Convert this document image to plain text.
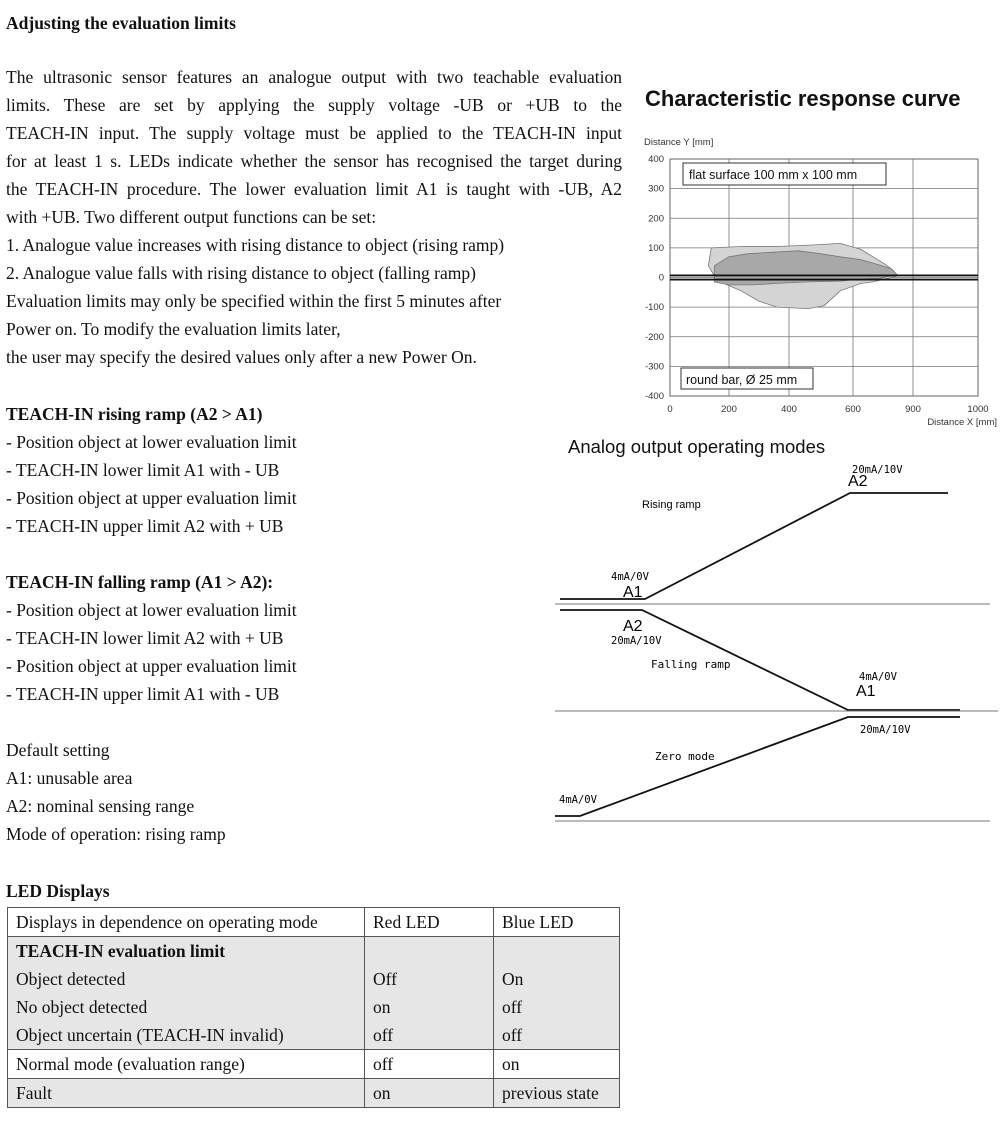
Adjusting the evaluation limits
The ultrasonic sensor features an analogue output with two teachable evaluation
limits. These are set by applying the supply voltage -UB or +UB to the
TEACH-IN input. The supply voltage must be applied to the TEACH-IN input
for at least 1 s. LEDs indicate whether the sensor has recognised the target during
the TEACH-IN procedure. The lower evaluation limit A1 is taught with -UB, A2
with +UB. Two different output functions can be set:
1. Analogue value increases with rising distance to object (rising ramp)
2. Analogue value falls with rising distance to object (falling ramp)
Evaluation limits may only be specified within the first 5 minutes after
Power on. To modify the evaluation limits later,
the user may specify the desired values only after a new Power On.
TEACH-IN rising ramp (A2 > A1)
- Position object at lower evaluation limit
- TEACH-IN lower limit A1 with - UB
- Position object at upper evaluation limit
- TEACH-IN upper limit A2 with + UB
TEACH-IN falling ramp (A1 > A2):
- Position object at lower evaluation limit
- TEACH-IN lower limit A2 with + UB
- Position object at upper evaluation limit
- TEACH-IN upper limit A1 with - UB
Default setting
A1: unusable area
A2: nominal sensing range
Mode of operation: rising ramp
LED Displays
Displays in dependence on operating mode	Red LED	Blue LED
TEACH-IN evaluation limit		
Object detected	Off	On
No object detected	on	off
Object uncertain (TEACH-IN invalid)	off	off
Normal mode (evaluation range)	off	on
Fault	on	previous state
Characteristic response curve
400
300
200
100
0
-100
-200
-300
-400
0	200	400	600	900	1000
Distance Y [mm]
Distance X [mm]
flat surface 100 mm x 100 mm
round bar, Ø 25 mm
Analog output operating modes
Rising ramp
4mA/0V
A1
20mA/10V
A2
A2
20mA/10V
Falling ramp
4mA/0V
A1
20mA/10V
Zero mode
4mA/0V
